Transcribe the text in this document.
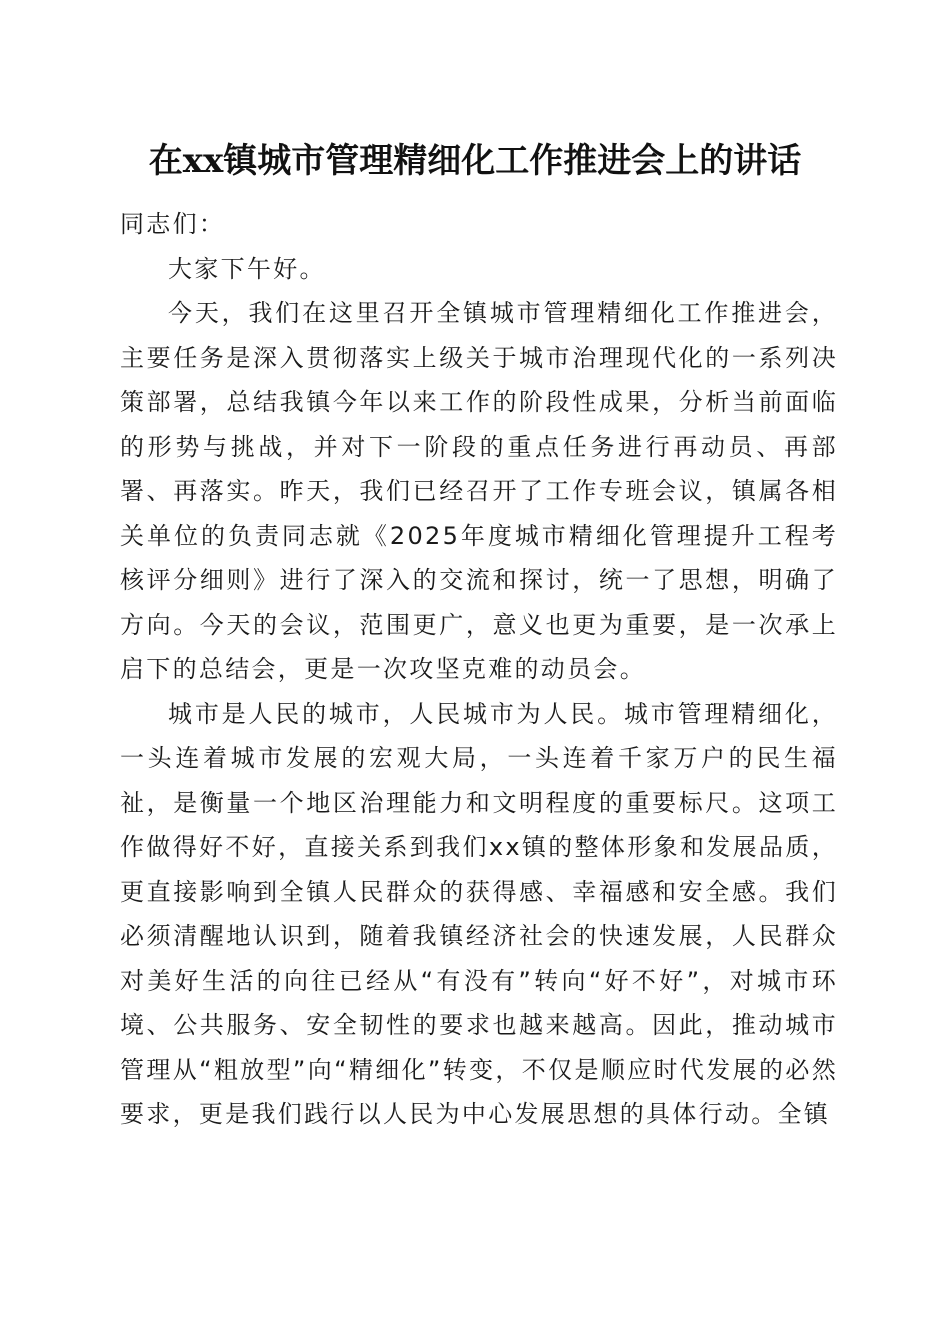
在xx镇城市管理精细化工作推进会上的讲话

同志们：

大家下午好。

今天，我们在这里召开全镇城市管理精细化工作推进会，主要任务是深入贯彻落实上级关于城市治理现代化的一系列决策部署，总结我镇今年以来工作的阶段性成果，分析当前面临的形势与挑战，并对下一阶段的重点任务进行再动员、再部署、再落实。昨天，我们已经召开了工作专班会议，镇属各相关单位的负责同志就《2025年度城市精细化管理提升工程考核评分细则》进行了深入的交流和探讨，统一了思想，明确了方向。今天的会议，范围更广，意义也更为重要，是一次承上启下的总结会，更是一次攻坚克难的动员会。

城市是人民的城市，人民城市为人民。城市管理精细化，一头连着城市发展的宏观大局，一头连着千家万户的民生福祉，是衡量一个地区治理能力和文明程度的重要标尺。这项工作做得好不好，直接关系到我们xx镇的整体形象和发展品质，更直接影响到全镇人民群众的获得感、幸福感和安全感。我们必须清醒地认识到，随着我镇经济社会的快速发展，人民群众对美好生活的向往已经从“有没有”转向“好不好”，对城市环境、公共服务、安全韧性的要求也越来越高。因此，推动城市管理从“粗放型”向“精细化”转变，不仅是顺应时代发展的必然要求，更是我们践行以人民为中心发展思想的具体行动。全镇
